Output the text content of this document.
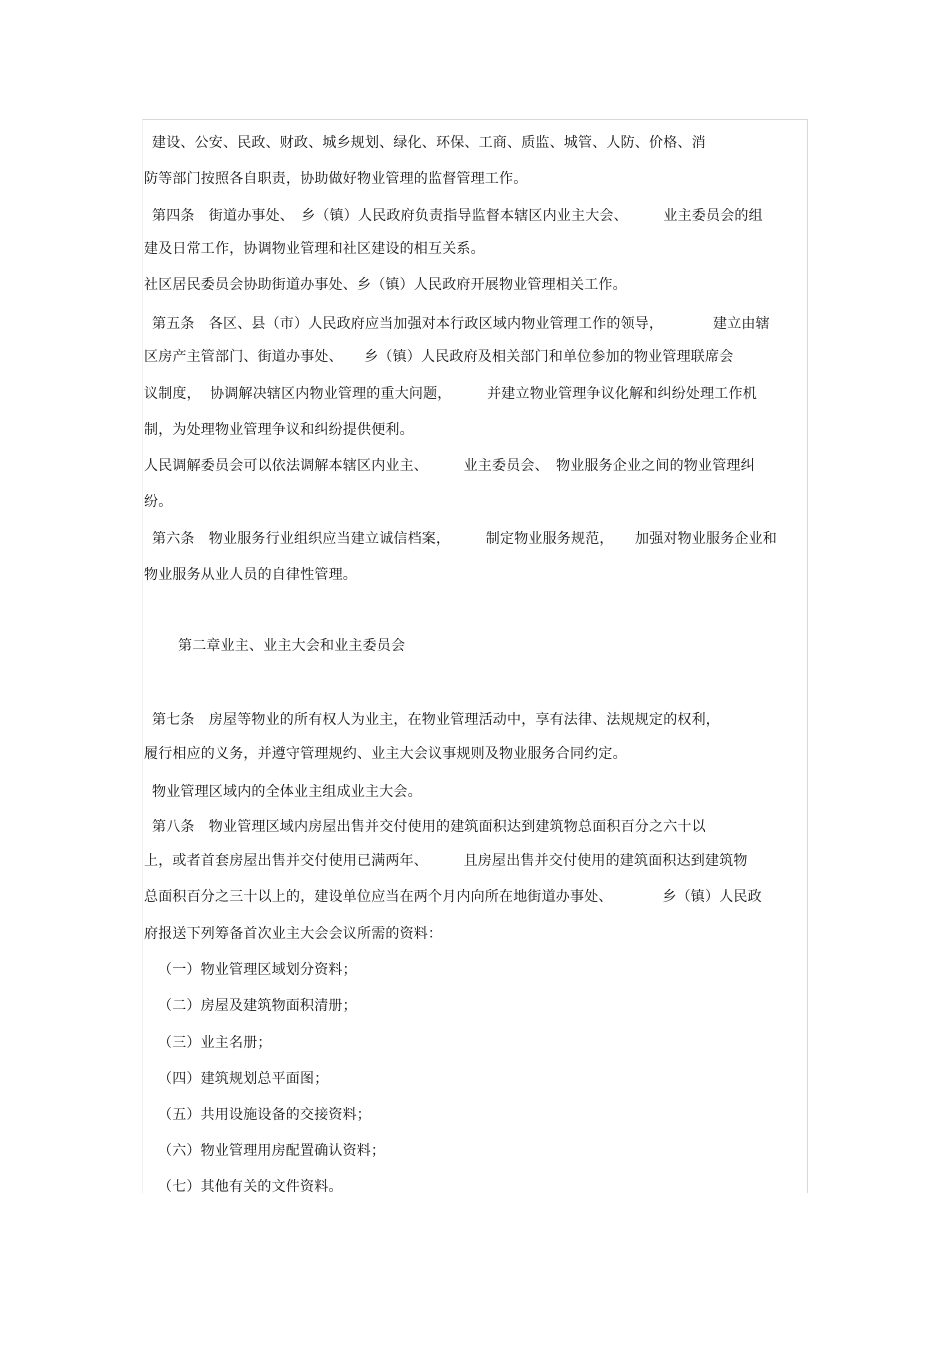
建设、公安、民政、财政、城乡规划、绿化、环保、工商、质监、城管、人防、价格、消
防等部门按照各自职责，协助做好物业管理的监督管理工作。
第四条　街道办事处、　乡（镇）人民政府负责指导监督本辖区内业主大会、　　　业主委员会的组
建及日常工作，协调物业管理和社区建设的相互关系。
社区居民委员会协助街道办事处、乡（镇）人民政府开展物业管理相关工作。
第五条　各区、县（市）人民政府应当加强对本行政区域内物业管理工作的领导，　　　　建立由辖
区房产主管部门、街道办事处、　　乡（镇）人民政府及相关部门和单位参加的物业管理联席会
议制度，  协调解决辖区内物业管理的重大问题，　　　并建立物业管理争议化解和纠纷处理工作机
制，为处理物业管理争议和纠纷提供便利。
人民调解委员会可以依法调解本辖区内业主、　　　业主委员会、　物业服务企业之间的物业管理纠
纷。
第六条　物业服务行业组织应当建立诚信档案，　　　制定物业服务规范，　　加强对物业服务企业和
物业服务从业人员的自律性管理。
第二章业主、业主大会和业主委员会
第七条　房屋等物业的所有权人为业主，在物业管理活动中，享有法律、法规规定的权利，
履行相应的义务，并遵守管理规约、业主大会议事规则及物业服务合同约定。
物业管理区域内的全体业主组成业主大会。
第八条　物业管理区域内房屋出售并交付使用的建筑面积达到建筑物总面积百分之六十以
上，或者首套房屋出售并交付使用已满两年、　　　且房屋出售并交付使用的建筑面积达到建筑物
总面积百分之三十以上的，建设单位应当在两个月内向所在地街道办事处、　　　　乡（镇）人民政
府报送下列筹备首次业主大会会议所需的资料：
（一）物业管理区域划分资料；
（二）房屋及建筑物面积清册；
（三）业主名册；
（四）建筑规划总平面图；
（五）共用设施设备的交接资料；
（六）物业管理用房配置确认资料；
（七）其他有关的文件资料。
